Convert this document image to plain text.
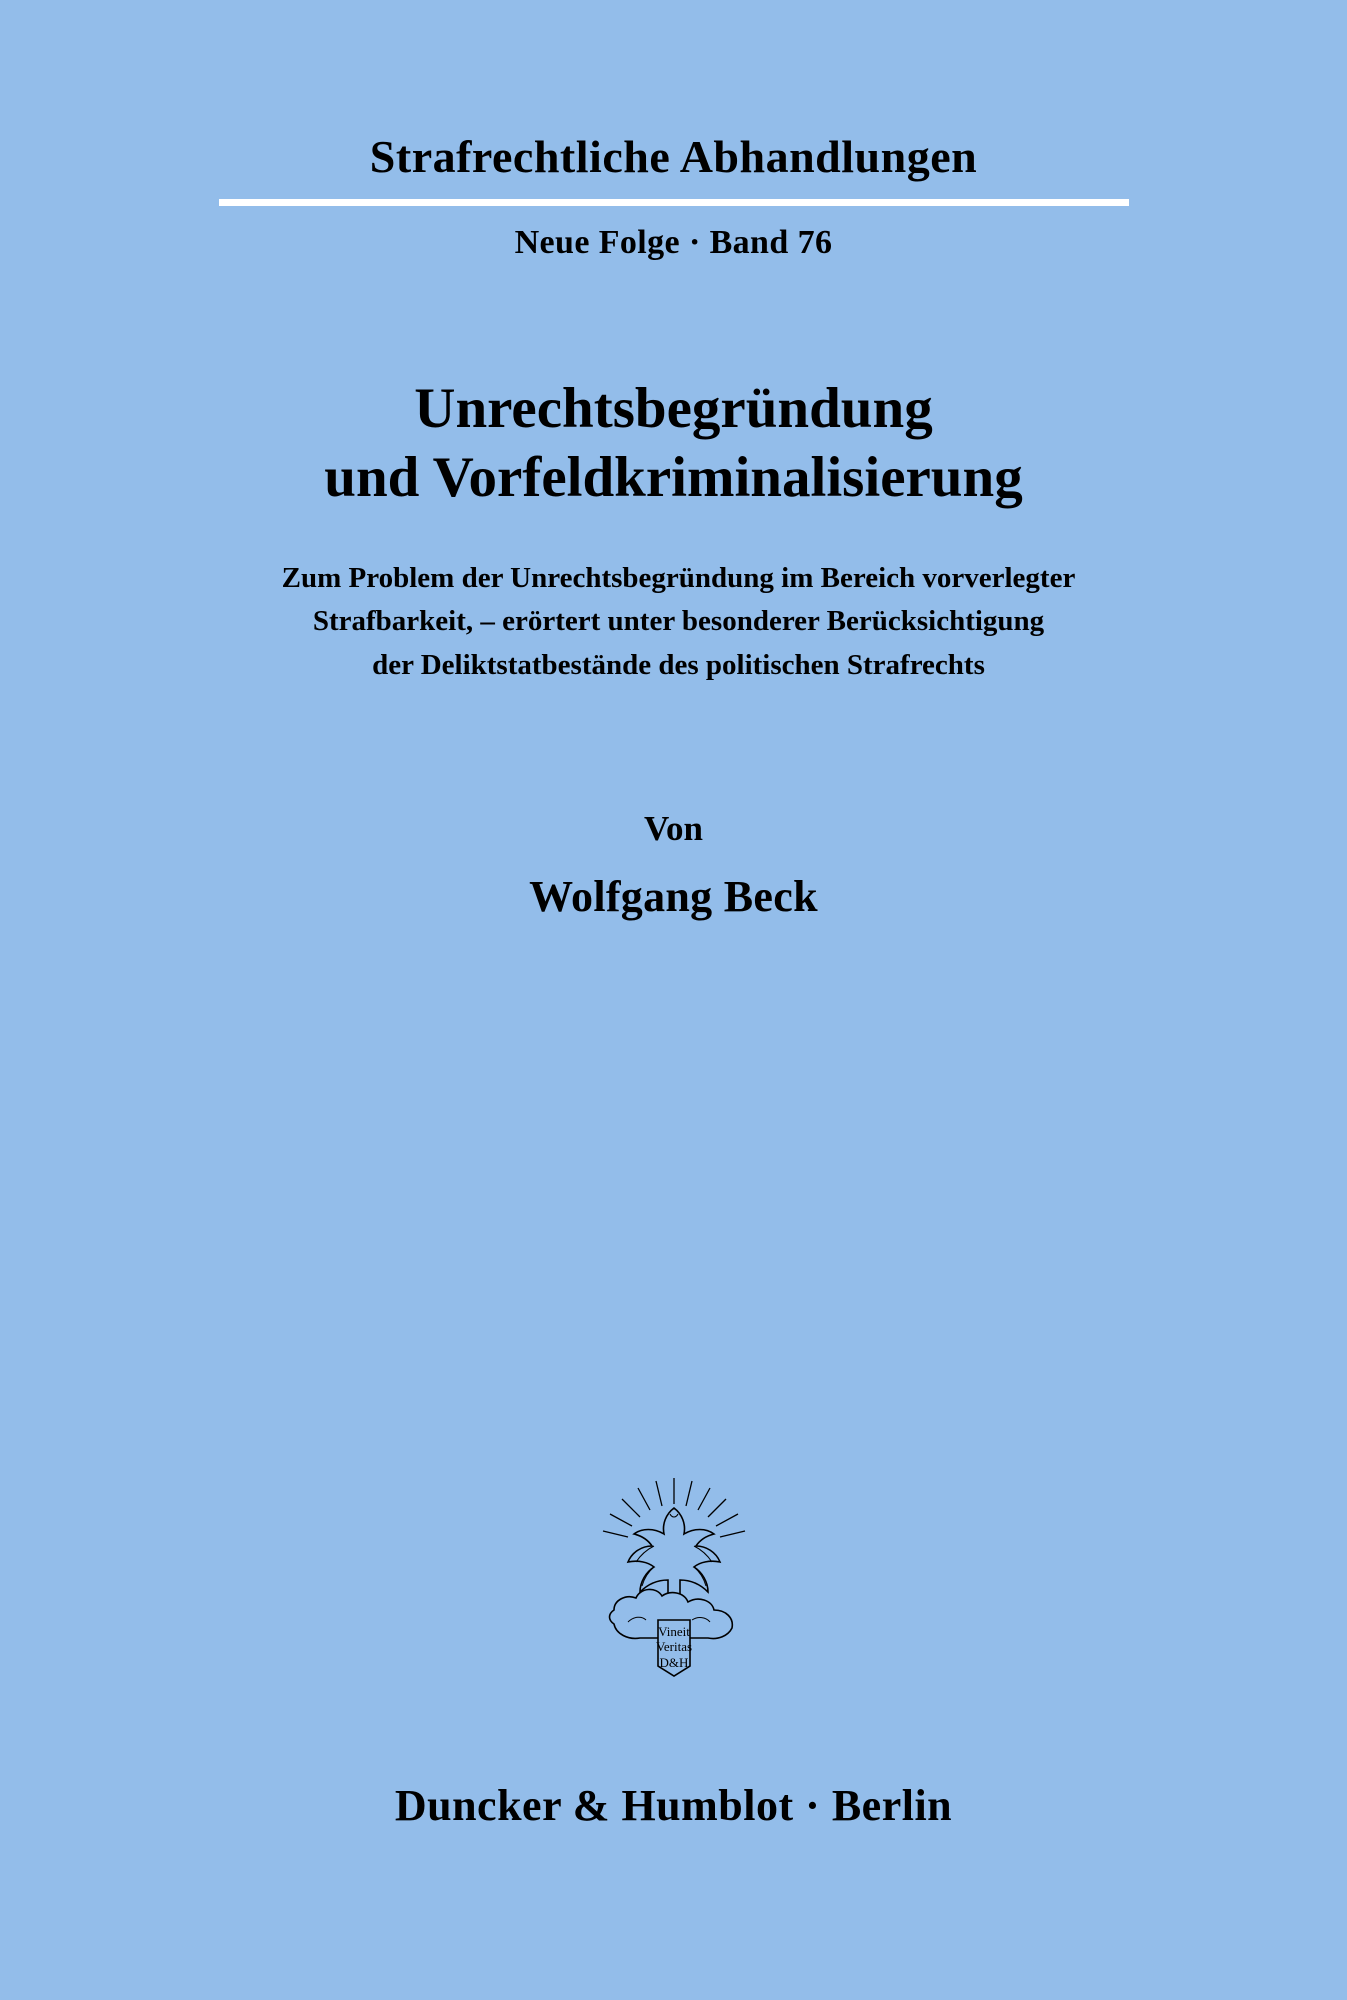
Strafrechtliche Abhandlungen
Neue Folge · Band 76
Unrechtsbegründung
und Vorfeldkriminalisierung
Zum Problem der Unrechtsbegründung im Bereich vorverlegter
Strafbarkeit, – erörtert unter besonderer Berücksichtigung
der Deliktstatbestände des politischen Strafrechts
Von
Wolfgang Beck
Vineit
Veritas
D&H
Duncker & Humblot · Berlin
